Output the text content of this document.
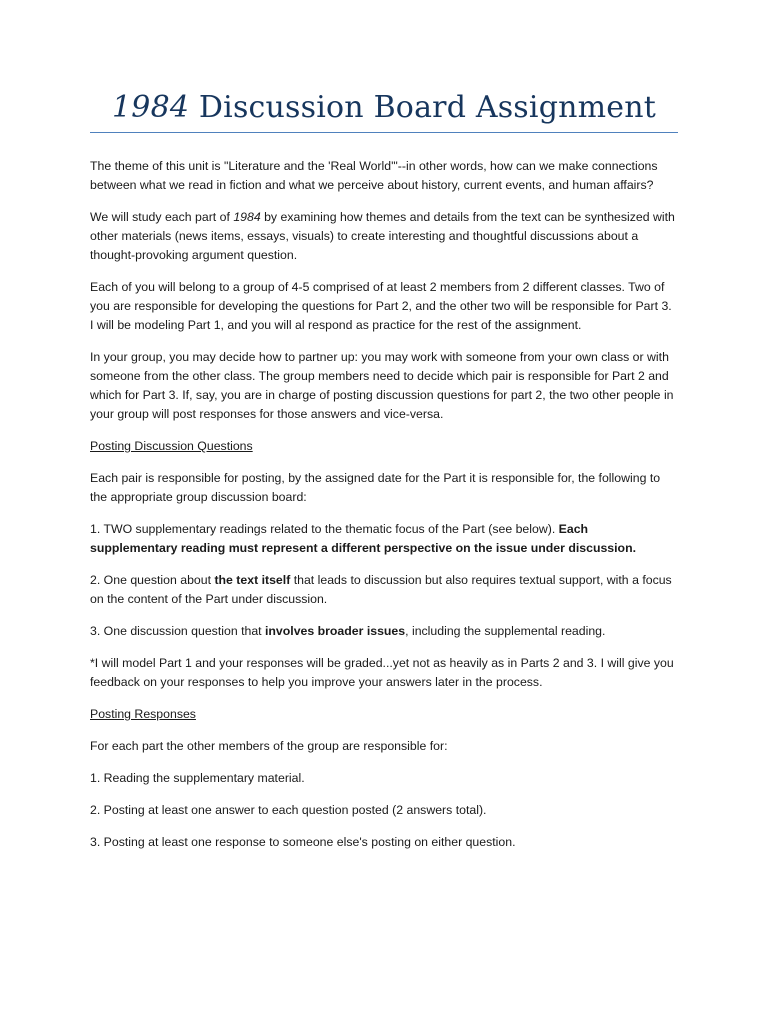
1984 Discussion Board Assignment

The theme of this unit is "Literature and the 'Real World'"--in other words, how can we make connections between what we read in fiction and what we perceive about history, current events, and human affairs?

We will study each part of 1984 by examining how themes and details from the text can be synthesized with other materials (news items, essays, visuals) to create interesting and thoughtful discussions about a thought-provoking argument question.

Each of you will belong to a group of 4-5 comprised of at least 2 members from 2 different classes. Two of you are responsible for developing the questions for Part 2, and the other two will be responsible for Part 3. I will be modeling Part 1, and you will al respond as practice for the rest of the assignment.

In your group, you may decide how to partner up: you may work with someone from your own class or with someone from the other class. The group members need to decide which pair is responsible for Part 2 and which for Part 3. If, say, you are in charge of posting discussion questions for part 2, the two other people in your group will post responses for those answers and vice-versa.

Posting Discussion Questions

Each pair is responsible for posting, by the assigned date for the Part it is responsible for, the following to the appropriate group discussion board:

1. TWO supplementary readings related to the thematic focus of the Part (see below). Each supplementary reading must represent a different perspective on the issue under discussion.

2. One question about the text itself that leads to discussion but also requires textual support, with a focus on the content of the Part under discussion.

3. One discussion question that involves broader issues, including the supplemental reading.

*I will model Part 1 and your responses will be graded...yet not as heavily as in Parts 2 and 3. I will give you feedback on your responses to help you improve your answers later in the process.

Posting Responses

For each part the other members of the group are responsible for:

1. Reading the supplementary material.

2. Posting at least one answer to each question posted (2 answers total).

3. Posting at least one response to someone else's posting on either question.
